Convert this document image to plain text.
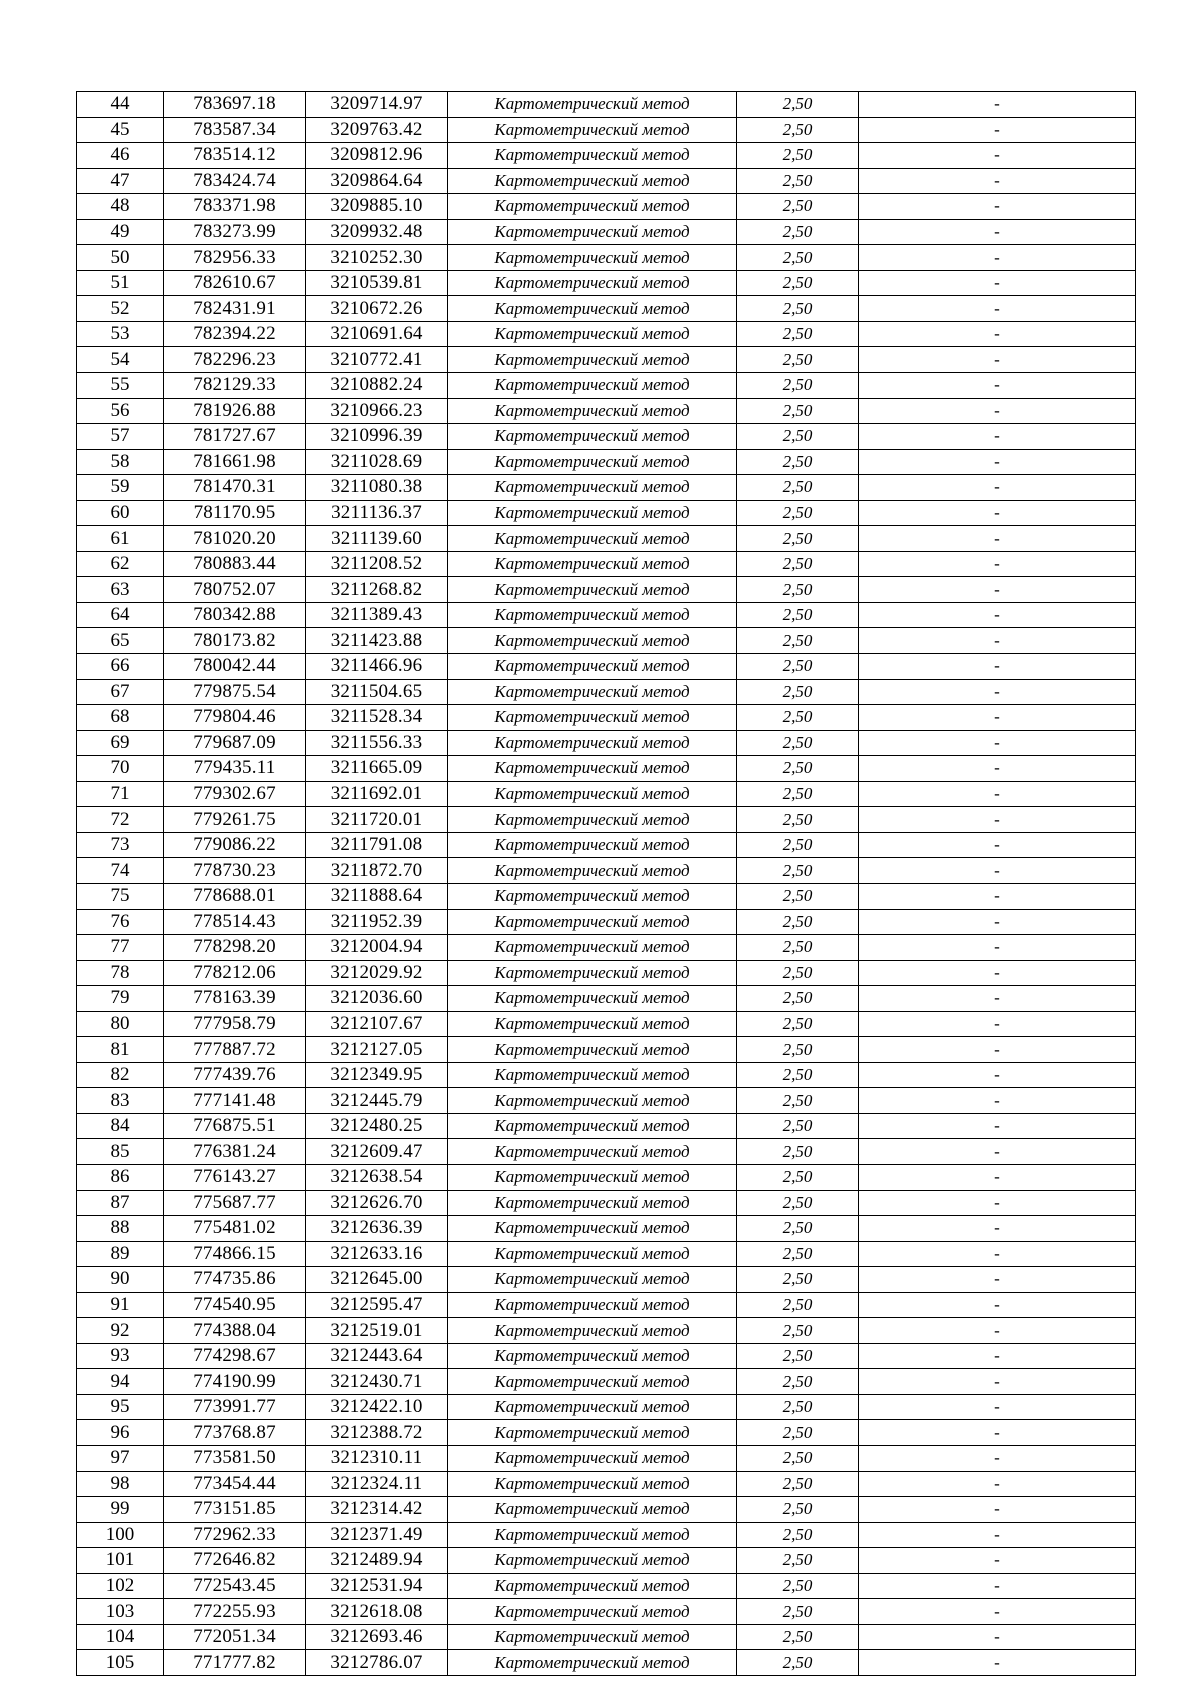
44	783697.18	3209714.97	Картометрический метод	2,50	-
45	783587.34	3209763.42	Картометрический метод	2,50	-
46	783514.12	3209812.96	Картометрический метод	2,50	-
47	783424.74	3209864.64	Картометрический метод	2,50	-
48	783371.98	3209885.10	Картометрический метод	2,50	-
49	783273.99	3209932.48	Картометрический метод	2,50	-
50	782956.33	3210252.30	Картометрический метод	2,50	-
51	782610.67	3210539.81	Картометрический метод	2,50	-
52	782431.91	3210672.26	Картометрический метод	2,50	-
53	782394.22	3210691.64	Картометрический метод	2,50	-
54	782296.23	3210772.41	Картометрический метод	2,50	-
55	782129.33	3210882.24	Картометрический метод	2,50	-
56	781926.88	3210966.23	Картометрический метод	2,50	-
57	781727.67	3210996.39	Картометрический метод	2,50	-
58	781661.98	3211028.69	Картометрический метод	2,50	-
59	781470.31	3211080.38	Картометрический метод	2,50	-
60	781170.95	3211136.37	Картометрический метод	2,50	-
61	781020.20	3211139.60	Картометрический метод	2,50	-
62	780883.44	3211208.52	Картометрический метод	2,50	-
63	780752.07	3211268.82	Картометрический метод	2,50	-
64	780342.88	3211389.43	Картометрический метод	2,50	-
65	780173.82	3211423.88	Картометрический метод	2,50	-
66	780042.44	3211466.96	Картометрический метод	2,50	-
67	779875.54	3211504.65	Картометрический метод	2,50	-
68	779804.46	3211528.34	Картометрический метод	2,50	-
69	779687.09	3211556.33	Картометрический метод	2,50	-
70	779435.11	3211665.09	Картометрический метод	2,50	-
71	779302.67	3211692.01	Картометрический метод	2,50	-
72	779261.75	3211720.01	Картометрический метод	2,50	-
73	779086.22	3211791.08	Картометрический метод	2,50	-
74	778730.23	3211872.70	Картометрический метод	2,50	-
75	778688.01	3211888.64	Картометрический метод	2,50	-
76	778514.43	3211952.39	Картометрический метод	2,50	-
77	778298.20	3212004.94	Картометрический метод	2,50	-
78	778212.06	3212029.92	Картометрический метод	2,50	-
79	778163.39	3212036.60	Картометрический метод	2,50	-
80	777958.79	3212107.67	Картометрический метод	2,50	-
81	777887.72	3212127.05	Картометрический метод	2,50	-
82	777439.76	3212349.95	Картометрический метод	2,50	-
83	777141.48	3212445.79	Картометрический метод	2,50	-
84	776875.51	3212480.25	Картометрический метод	2,50	-
85	776381.24	3212609.47	Картометрический метод	2,50	-
86	776143.27	3212638.54	Картометрический метод	2,50	-
87	775687.77	3212626.70	Картометрический метод	2,50	-
88	775481.02	3212636.39	Картометрический метод	2,50	-
89	774866.15	3212633.16	Картометрический метод	2,50	-
90	774735.86	3212645.00	Картометрический метод	2,50	-
91	774540.95	3212595.47	Картометрический метод	2,50	-
92	774388.04	3212519.01	Картометрический метод	2,50	-
93	774298.67	3212443.64	Картометрический метод	2,50	-
94	774190.99	3212430.71	Картометрический метод	2,50	-
95	773991.77	3212422.10	Картометрический метод	2,50	-
96	773768.87	3212388.72	Картометрический метод	2,50	-
97	773581.50	3212310.11	Картометрический метод	2,50	-
98	773454.44	3212324.11	Картометрический метод	2,50	-
99	773151.85	3212314.42	Картометрический метод	2,50	-
100	772962.33	3212371.49	Картометрический метод	2,50	-
101	772646.82	3212489.94	Картометрический метод	2,50	-
102	772543.45	3212531.94	Картометрический метод	2,50	-
103	772255.93	3212618.08	Картометрический метод	2,50	-
104	772051.34	3212693.46	Картометрический метод	2,50	-
105	771777.82	3212786.07	Картометрический метод	2,50	-
